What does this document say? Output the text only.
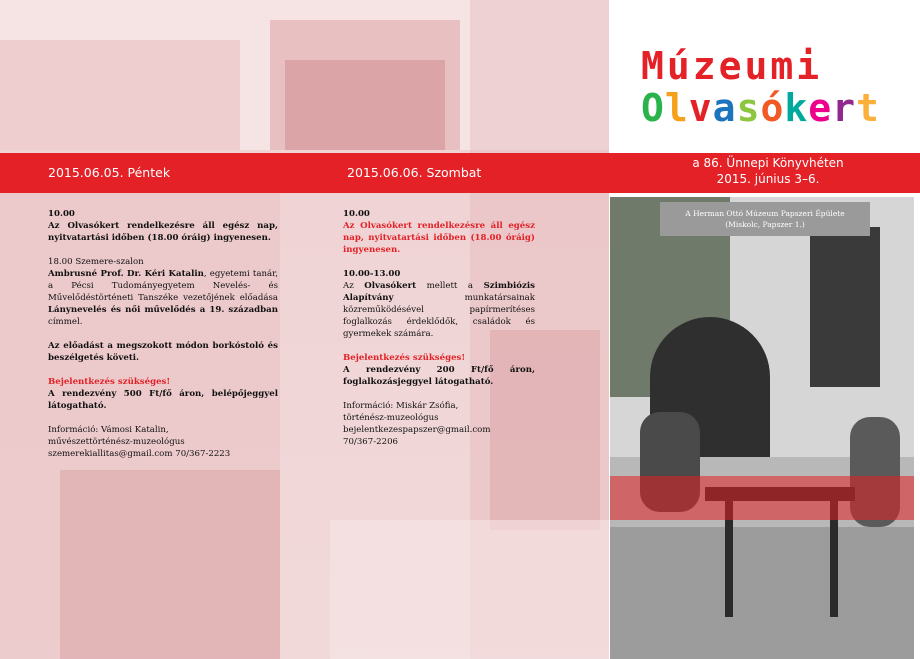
A Herman Ottó Múzeum Papszeri Épülete
(Miskolc, Papszer 1.)
Múzeumi
Olvasókert
2015.06.05. Péntek	2015.06.06. Szombat
a 86. Ünnepi Könyvhéten
2015. június 3–6.

10.00
Az Olvasókert rendelkezésre áll egész nap, nyitvatartási időben (18.00 óráig) ingyenesen.

18.00 Szemere-szalon
Ambrusné Prof. Dr. Kéri Katalin, egyetemi tanár, a Pécsi Tudományegyetem Nevelés- és Művelődéstörténeti Tanszéke vezetőjének előadása Lánynevelés és női művelődés a 19. században címmel.

Az előadást a megszokott módon borkóstoló és beszélgetés követi.

Bejelentkezés szükséges!
A rendezvény 500 Ft/fő áron, belépőjeggyel látogatható.

Információ: Vámosi Katalin,
művészettörténész-muzeológus
szemerekiallitas@gmail.com 70/367-2223

10.00
Az Olvasókert rendelkezésre áll egész nap, nyitvatartási időben (18.00 óráig) ingyenesen.

10.00-13.00
Az Olvasókert mellett a Szimbiózis Alapítvány munkatársainak közreműködésével papírmerítéses foglalkozás érdeklődők, családok és gyermekek számára.

Bejelentkezés szükséges!
A rendezvény 200 Ft/fő áron, foglalkozásjeggyel látogatható.

Információ: Miskár Zsófia,
történész-muzeológus
bejelentkezespapszer@gmail.com
70/367-2206
